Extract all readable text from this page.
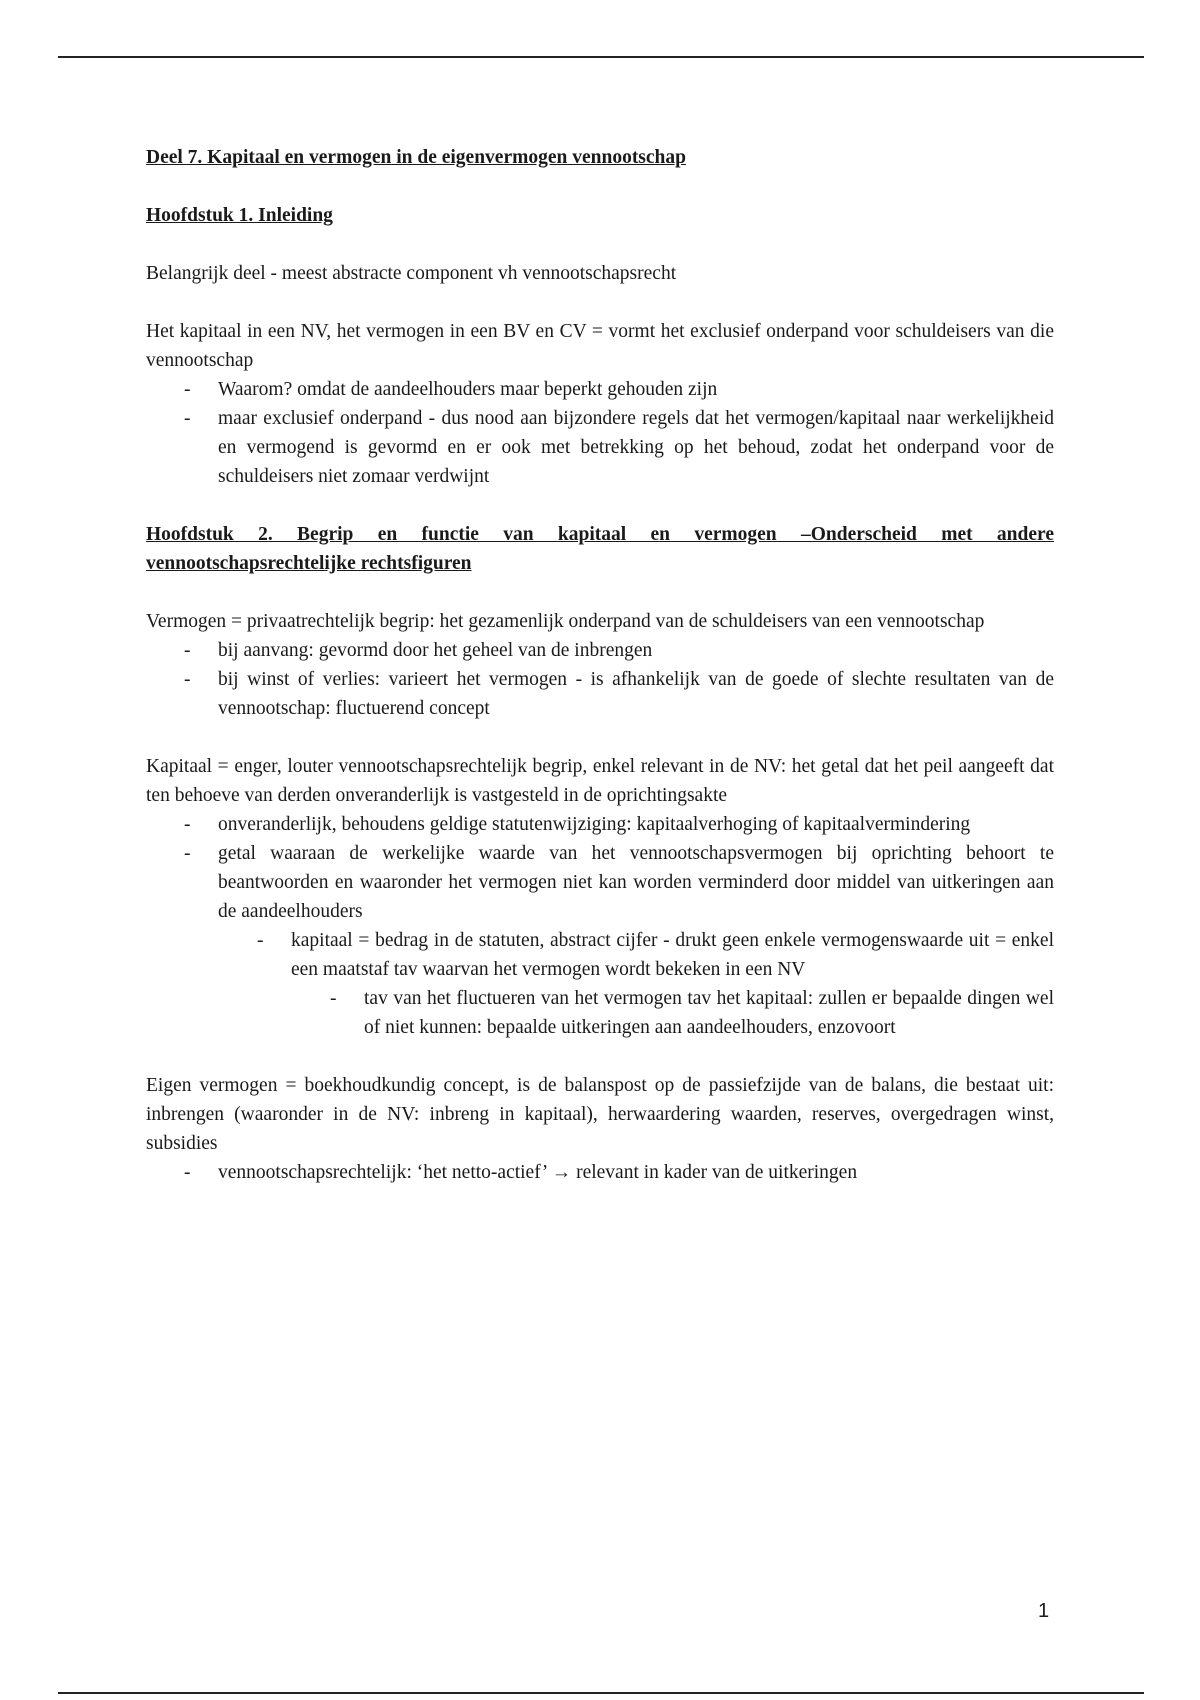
Deel 7. Kapitaal en vermogen in de eigenvermogen vennootschap

Hoofdstuk 1. Inleiding

Belangrijk deel - meest abstracte component vh vennootschapsrecht

Het kapitaal in een NV, het vermogen in een BV en CV = vormt het exclusief onderpand voor schuldeisers van die vennootschap

- Waarom? omdat de aandeelhouders maar beperkt gehouden zijn
- maar exclusief onderpand - dus nood aan bijzondere regels dat het vermogen/kapitaal naar werkelijkheid en vermogend is gevormd en er ook met betrekking op het behoud, zodat het onderpand voor de schuldeisers niet zomaar verdwijnt

Hoofdstuk 2. Begrip en functie van kapitaal en vermogen –Onderscheid met andere vennootschapsrechtelijke rechtsfiguren

Vermogen = privaatrechtelijk begrip: het gezamenlijk onderpand van de schuldeisers van een vennootschap

- bij aanvang: gevormd door het geheel van de inbrengen
- bij winst of verlies: varieert het vermogen - is afhankelijk van de goede of slechte resultaten van de vennootschap: fluctuerend concept

Kapitaal = enger, louter vennootschapsrechtelijk begrip, enkel relevant in de NV: het getal dat het peil aangeeft dat ten behoeve van derden onveranderlijk is vastgesteld in de oprichtingsakte

- onveranderlijk, behoudens geldige statutenwijziging: kapitaalverhoging of kapitaalvermindering
- getal waaraan de werkelijke waarde van het vennootschapsvermogen bij oprichting behoort te beantwoorden en waaronder het vermogen niet kan worden verminderd door middel van uitkeringen aan de aandeelhouders
- kapitaal = bedrag in de statuten, abstract cijfer - drukt geen enkele vermogenswaarde uit = enkel een maatstaf tav waarvan het vermogen wordt bekeken in een NV
- tav van het fluctueren van het vermogen tav het kapitaal: zullen er bepaalde dingen wel of niet kunnen: bepaalde uitkeringen aan aandeelhouders, enzovoort

Eigen vermogen = boekhoudkundig concept, is de balanspost op de passiefzijde van de balans, die bestaat uit: inbrengen (waaronder in de NV: inbreng in kapitaal), herwaardering waarden, reserves, overgedragen winst, subsidies

- vennootschapsrechtelijk: ‘het netto-actief’ → relevant in kader van de uitkeringen
1
